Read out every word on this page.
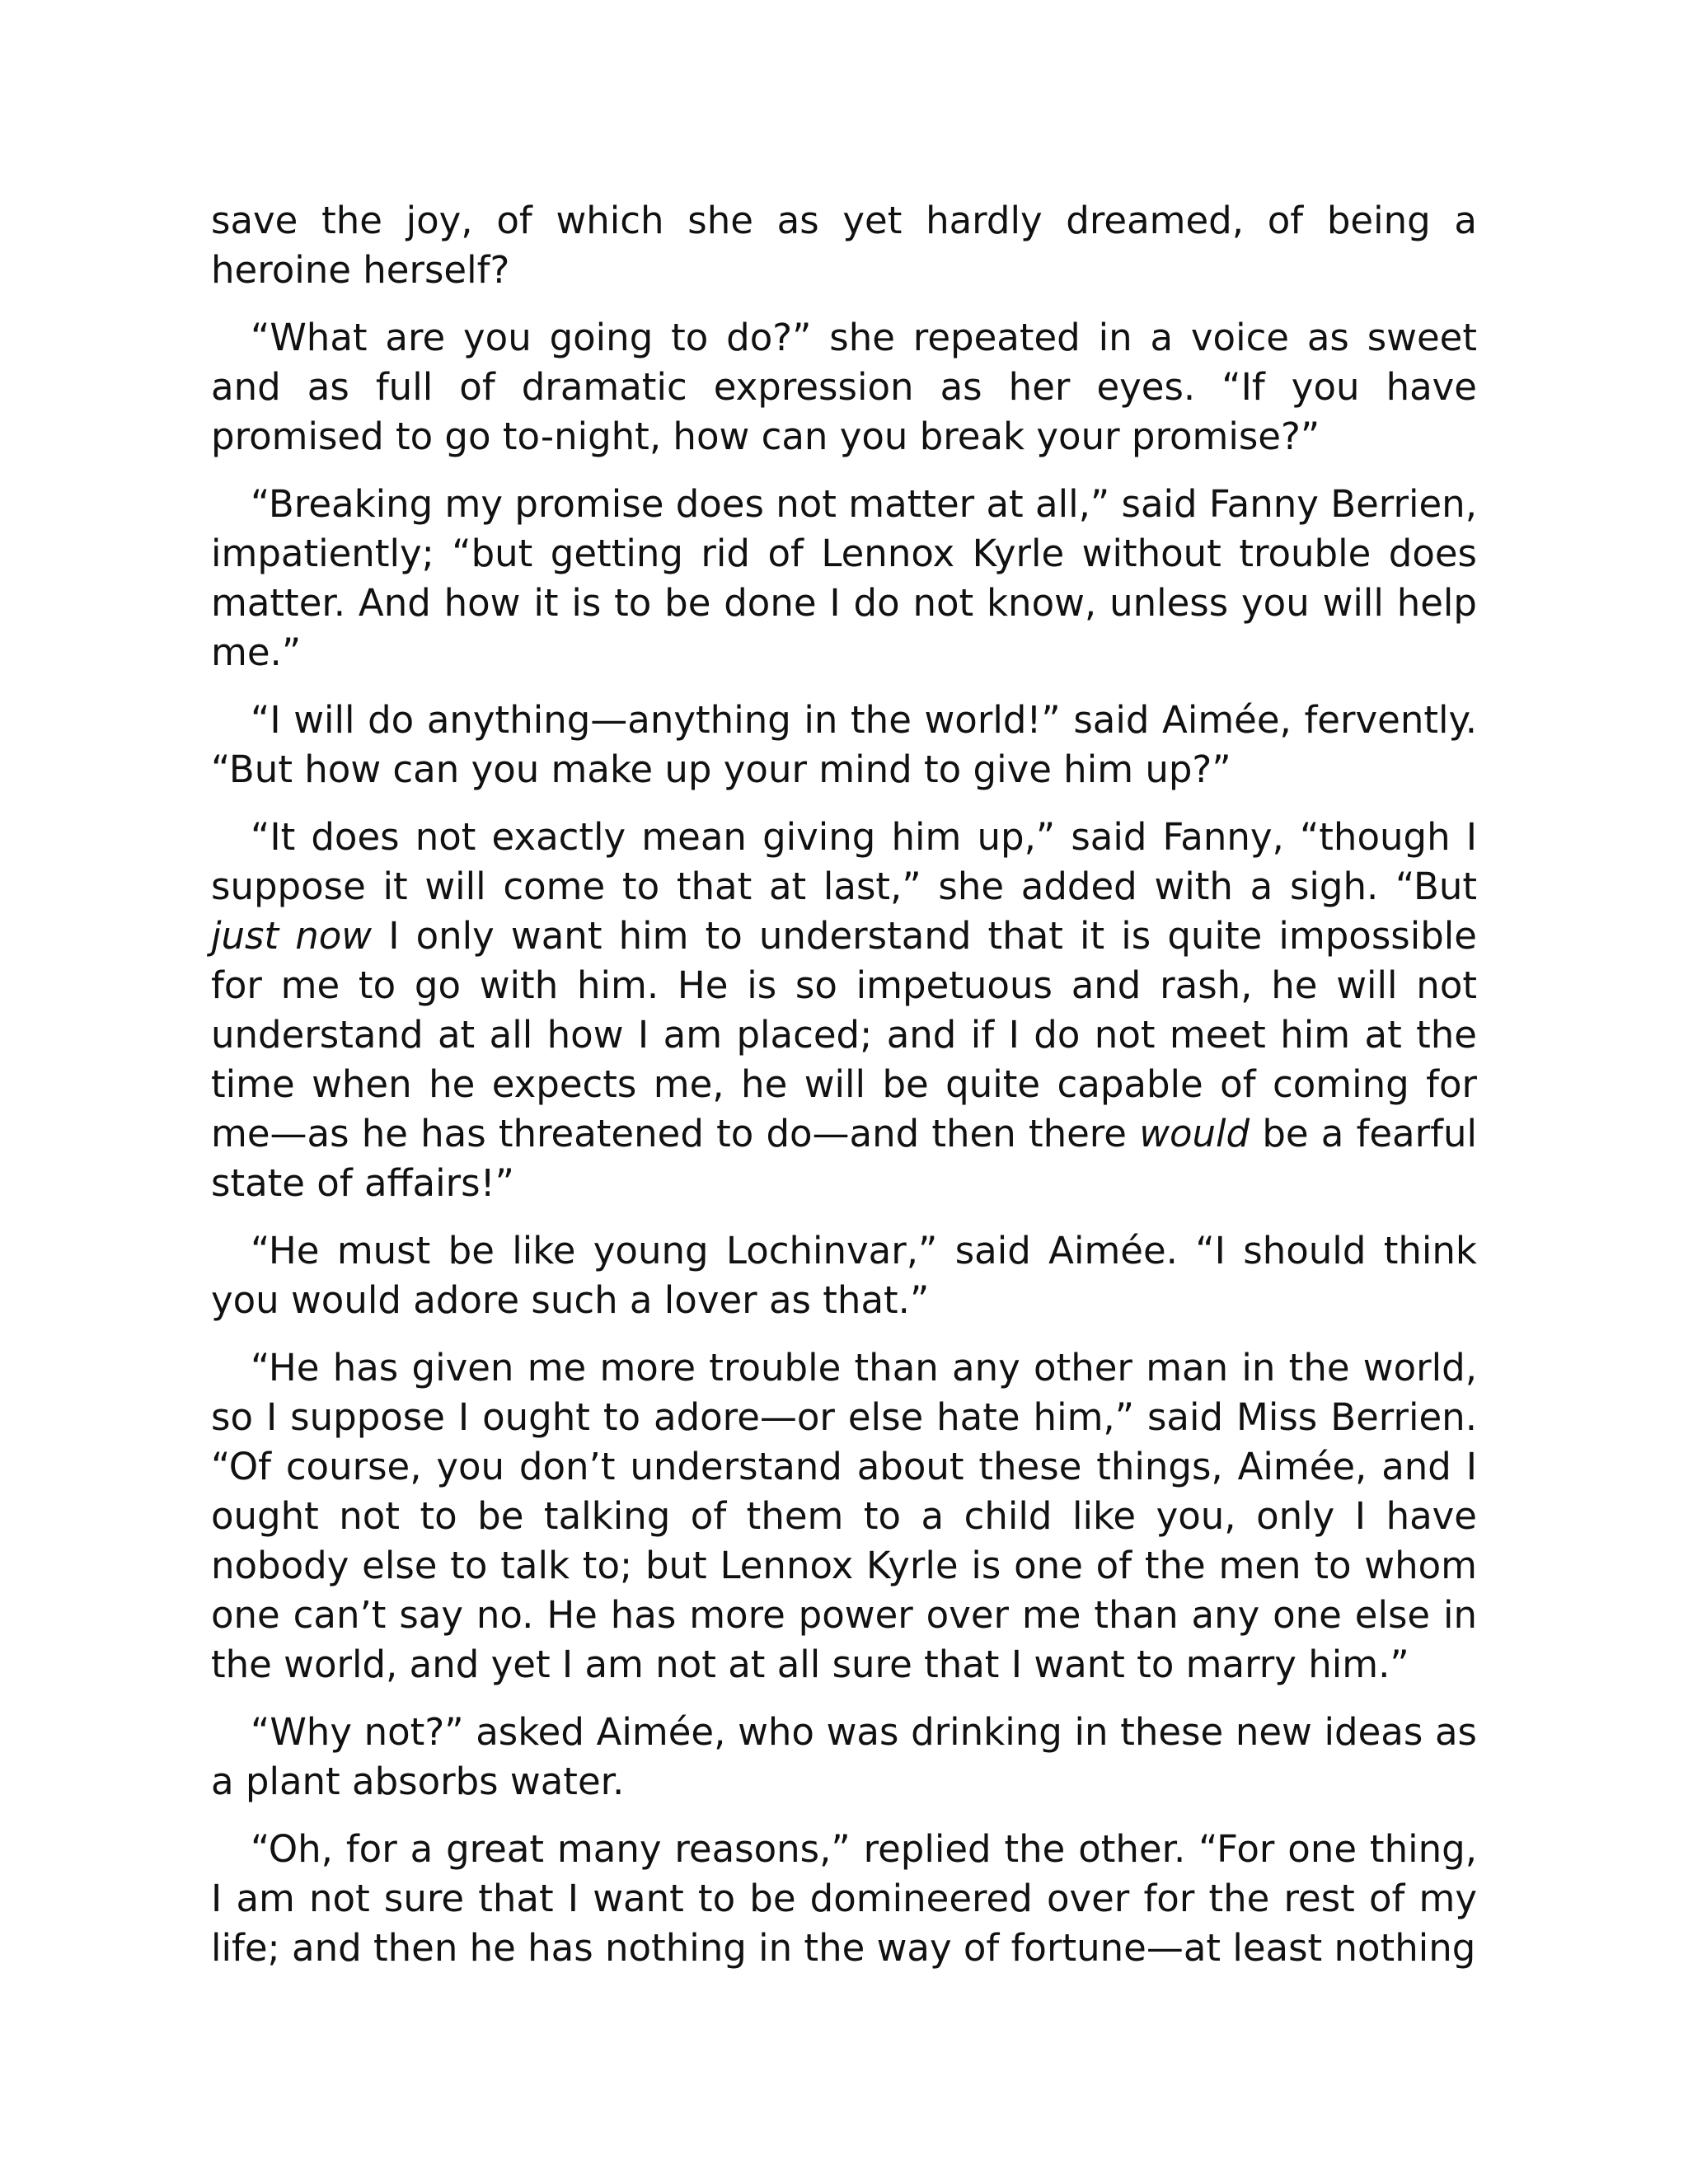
save the joy, of which she as yet hardly dreamed, of being a heroine herself?

“What are you going to do?” she repeated in a voice as sweet and as full of dramatic expression as her eyes. “If you have promised to go to-night, how can you break your promise?”

“Breaking my promise does not matter at all,” said Fanny Berrien, impatiently; “but getting rid of Lennox Kyrle without trouble does matter. And how it is to be done I do not know, unless you will help me.”

“I will do anything—anything in the world!” said Aimée, fervently. “But how can you make up your mind to give him up?”

“It does not exactly mean giving him up,” said Fanny, “though I suppose it will come to that at last,” she added with a sigh. “But just now I only want him to understand that it is quite impossible for me to go with him. He is so impetuous and rash, he will not understand at all how I am placed; and if I do not meet him at the time when he expects me, he will be quite capable of coming for me—as he has threatened to do—and then there would be a fearful state of affairs!”

“He must be like young Lochinvar,” said Aimée. “I should think you would adore such a lover as that.”

“He has given me more trouble than any other man in the world, so I suppose I ought to adore—or else hate him,” said Miss Berrien. “Of course, you don’t understand about these things, Aimée, and I ought not to be talking of them to a child like you, only I have nobody else to talk to; but Lennox Kyrle is one of the men to whom one can’t say no. He has more power over me than any one else in the world, and yet I am not at all sure that I want to marry him.”

“Why not?” asked Aimée, who was drinking in these new ideas as a plant absorbs water.

“Oh, for a great many reasons,” replied the other. “For one thing, I am not sure that I want to be domineered over for the rest of my life; and then he has nothing in the way of fortune—at least nothing
